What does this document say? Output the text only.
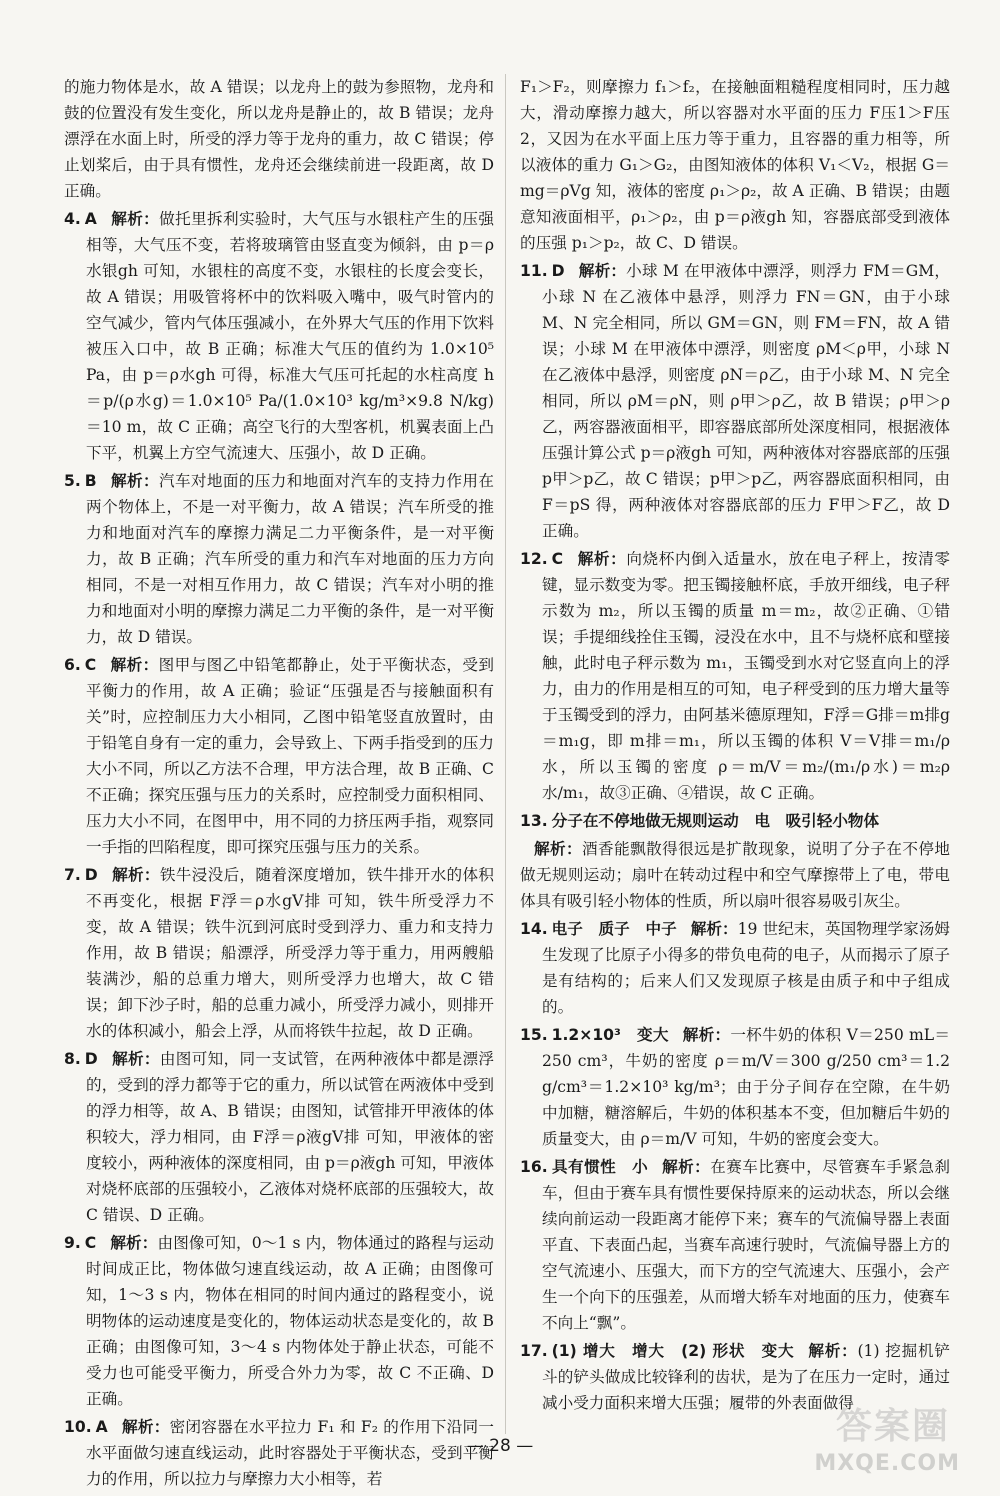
的施力物体是水，故 A 错误；以龙舟上的鼓为参照物，龙舟和鼓的位置没有发生变化，所以龙舟是静止的，故 B 错误；龙舟漂浮在水面上时，所受的浮力等于龙舟的重力，故 C 错误；停止划桨后，由于具有惯性，龙舟还会继续前进一段距离，故 D 正确。
4. A 解析：做托里拆利实验时，大气压与水银柱产生的压强相等，大气压不变，若将玻璃管由竖直变为倾斜，由 p＝ρ水银gh 可知，水银柱的高度不变，水银柱的长度会变长，故 A 错误；用吸管将杯中的饮料吸入嘴中，吸气时管内的空气减少，管内气体压强减小，在外界大气压的作用下饮料被压入口中，故 B 正确；标准大气压的值约为 1.0×10⁵ Pa，由 p＝ρ水gh 可得，标准大气压可托起的水柱高度 h＝p/(ρ水g)＝1.0×10⁵ Pa/(1.0×10³ kg/m³×9.8 N/kg)＝10 m，故 C 正确；高空飞行的大型客机，机翼表面上凸下平，机翼上方空气流速大、压强小，故 D 正确。
5. B 解析：汽车对地面的压力和地面对汽车的支持力作用在两个物体上，不是一对平衡力，故 A 错误；汽车所受的推力和地面对汽车的摩擦力满足二力平衡条件，是一对平衡力，故 B 正确；汽车所受的重力和汽车对地面的压力方向相同，不是一对相互作用力，故 C 错误；汽车对小明的推力和地面对小明的摩擦力满足二力平衡的条件，是一对平衡力，故 D 错误。
6. C 解析：图甲与图乙中铅笔都静止，处于平衡状态，受到平衡力的作用，故 A 正确；验证“压强是否与接触面积有关”时，应控制压力大小相同，乙图中铅笔竖直放置时，由于铅笔自身有一定的重力，会导致上、下两手指受到的压力大小不同，所以乙方法不合理，甲方法合理，故 B 正确、C 不正确；探究压强与压力的关系时，应控制受力面积相同、压力大小不同，在图甲中，用不同的力挤压两手指，观察同一手指的凹陷程度，即可探究压强与压力的关系。
7. D 解析：铁牛浸没后，随着深度增加，铁牛排开水的体积不再变化，根据 F浮＝ρ水gV排 可知，铁牛所受浮力不变，故 A 错误；铁牛沉到河底时受到浮力、重力和支持力作用，故 B 错误；船漂浮，所受浮力等于重力，用两艘船装满沙，船的总重力增大，则所受浮力也增大，故 C 错误；卸下沙子时，船的总重力减小，所受浮力减小，则排开水的体积减小，船会上浮，从而将铁牛拉起，故 D 正确。
8. D 解析：由图可知，同一支试管，在两种液体中都是漂浮的，受到的浮力都等于它的重力，所以试管在两液体中受到的浮力相等，故 A、B 错误；由图知，试管排开甲液体的体积较大，浮力相同，由 F浮＝ρ液gV排 可知，甲液体的密度较小，两种液体的深度相同，由 p＝ρ液gh 可知，甲液体对烧杯底部的压强较小，乙液体对烧杯底部的压强较大，故 C 错误、D 正确。
9. C 解析：由图像可知，0～1 s 内，物体通过的路程与运动时间成正比，物体做匀速直线运动，故 A 正确；由图像可知，1～3 s 内，物体在相同的时间内通过的路程变小，说明物体的运动速度是变化的，物体运动状态是变化的，故 B 正确；由图像可知，3～4 s 内物体处于静止状态，可能不受力也可能受平衡力，所受合外力为零，故 C 不正确、D 正确。
10. A 解析：密闭容器在水平拉力 F₁ 和 F₂ 的作用下沿同一水平面做匀速直线运动，此时容器处于平衡状态，受到平衡力的作用，所以拉力与摩擦力大小相等，若
F₁＞F₂，则摩擦力 f₁＞f₂，在接触面粗糙程度相同时，压力越大，滑动摩擦力越大，所以容器对水平面的压力 F压1＞F压2，又因为在水平面上压力等于重力，且容器的重力相等，所以液体的重力 G₁＞G₂，由图知液体的体积 V₁＜V₂，根据 G＝mg＝ρVg 知，液体的密度 ρ₁＞ρ₂，故 A 正确、B 错误；由题意知液面相平，ρ₁＞ρ₂，由 p＝ρ液gh 知，容器底部受到液体的压强 p₁＞p₂，故 C、D 错误。
11. D 解析：小球 M 在甲液体中漂浮，则浮力 FM＝GM，小球 N 在乙液体中悬浮，则浮力 FN＝GN，由于小球 M、N 完全相同，所以 GM＝GN，则 FM＝FN，故 A 错误；小球 M 在甲液体中漂浮，则密度 ρM＜ρ甲，小球 N 在乙液体中悬浮，则密度 ρN＝ρ乙，由于小球 M、N 完全相同，所以 ρM＝ρN，则 ρ甲＞ρ乙，故 B 错误；ρ甲＞ρ乙，两容器液面相平，即容器底部所处深度相同，根据液体压强计算公式 p＝ρ液gh 可知，两种液体对容器底部的压强 p甲＞p乙，故 C 错误；p甲＞p乙，两容器底面积相同，由 F＝pS 得，两种液体对容器底部的压力 F甲＞F乙，故 D 正确。
12. C 解析：向烧杯内倒入适量水，放在电子秤上，按清零键，显示数变为零。把玉镯接触杯底，手放开细线，电子秤示数为 m₂，所以玉镯的质量 m＝m₂，故②正确、①错误；手提细线拴住玉镯，浸没在水中，且不与烧杯底和壁接触，此时电子秤示数为 m₁，玉镯受到水对它竖直向上的浮力，由力的作用是相互的可知，电子秤受到的压力增大量等于玉镯受到的浮力，由阿基米德原理知，F浮＝G排＝m排g＝m₁g，即 m排＝m₁，所以玉镯的体积 V＝V排＝m₁/ρ水，所以玉镯的密度 ρ＝m/V＝m₂/(m₁/ρ水)＝m₂ρ水/m₁，故③正确、④错误，故 C 正确。
13. 分子在不停地做无规则运动　电　吸引轻小物体
解析：酒香能飘散得很远是扩散现象，说明了分子在不停地做无规则运动；扇叶在转动过程中和空气摩擦带上了电，带电体具有吸引轻小物体的性质，所以扇叶很容易吸引灰尘。
14. 电子　质子　中子 解析：19 世纪末，英国物理学家汤姆生发现了比原子小得多的带负电荷的电子，从而揭示了原子是有结构的；后来人们又发现原子核是由质子和中子组成的。
15. 1.2×10³　变大 解析：一杯牛奶的体积 V＝250 mL＝250 cm³，牛奶的密度 ρ＝m/V＝300 g/250 cm³＝1.2 g/cm³＝1.2×10³ kg/m³；由于分子间存在空隙，在牛奶中加糖，糖溶解后，牛奶的体积基本不变，但加糖后牛奶的质量变大，由 ρ＝m/V 可知，牛奶的密度会变大。
16. 具有惯性　小 解析：在赛车比赛中，尽管赛车手紧急刹车，但由于赛车具有惯性要保持原来的运动状态，所以会继续向前运动一段距离才能停下来；赛车的气流偏导器上表面平直、下表面凸起，当赛车高速行驶时，气流偏导器上方的空气流速小、压强大，而下方的空气流速大、压强小，会产生一个向下的压强差，从而增大轿车对地面的压力，使赛车不向上“飘”。
17. (1) 增大　增大　(2) 形状　变大 解析：(1) 挖掘机铲斗的铲头做成比较锋利的齿状，是为了在压力一定时，通过减小受力面积来增大压强；履带的外表面做得
— 28 —	答案圈
MXQE.COM
